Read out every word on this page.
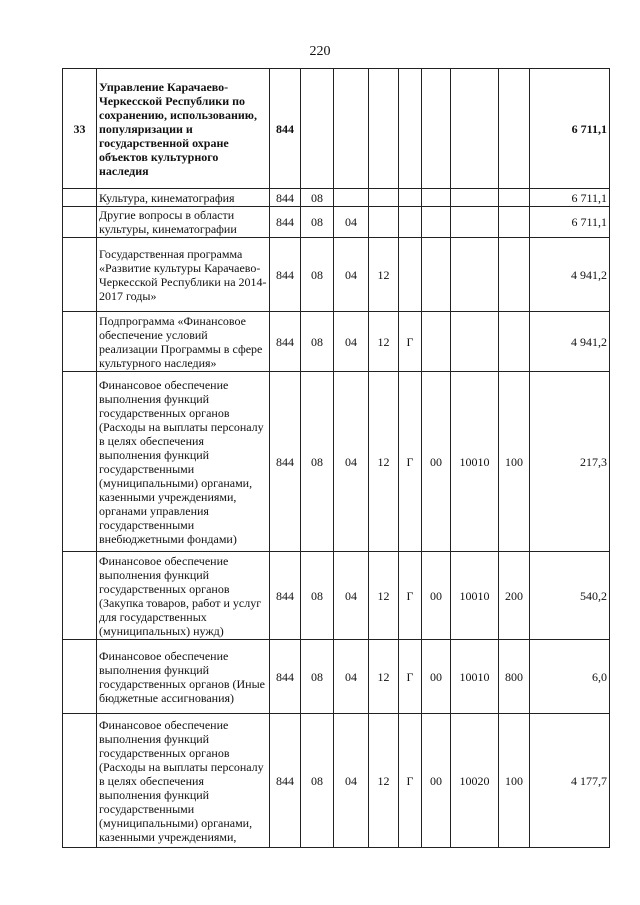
220
33	Управление Карачаево-Черкесской Республики по сохранению, использованию, популяризации и государственной охране объектов культурного наследия	844								6 711,1
	Культура, кинематография	844	08							6 711,1
	Другие вопросы в области культуры, кинематографии	844	08	04						6 711,1
	Государственная программа «Развитие культуры Карачаево-Черкесской Республики на 2014-2017 годы»	844	08	04	12					4 941,2
	Подпрограмма «Финансовое обеспечение условий реализации Программы в сфере культурного наследия»	844	08	04	12	Г				4 941,2
	Финансовое обеспечение выполнения функций государственных органов (Расходы на выплаты персоналу в целях обеспечения выполнения функций государственными (муниципальными) органами, казенными учреждениями, органами управления государственными внебюджетными фондами)	844	08	04	12	Г	00	10010	100	217,3
	Финансовое обеспечение выполнения функций государственных органов (Закупка товаров, работ и услуг для государственных (муниципальных) нужд)	844	08	04	12	Г	00	10010	200	540,2
	Финансовое обеспечение выполнения функций государственных органов (Иные бюджетные ассигнования)	844	08	04	12	Г	00	10010	800	6,0
	Финансовое обеспечение выполнения функций государственных органов (Расходы на выплаты персоналу в целях обеспечения выполнения функций государственными (муниципальными) органами, казенными учреждениями,	844	08	04	12	Г	00	10020	100	4 177,7
